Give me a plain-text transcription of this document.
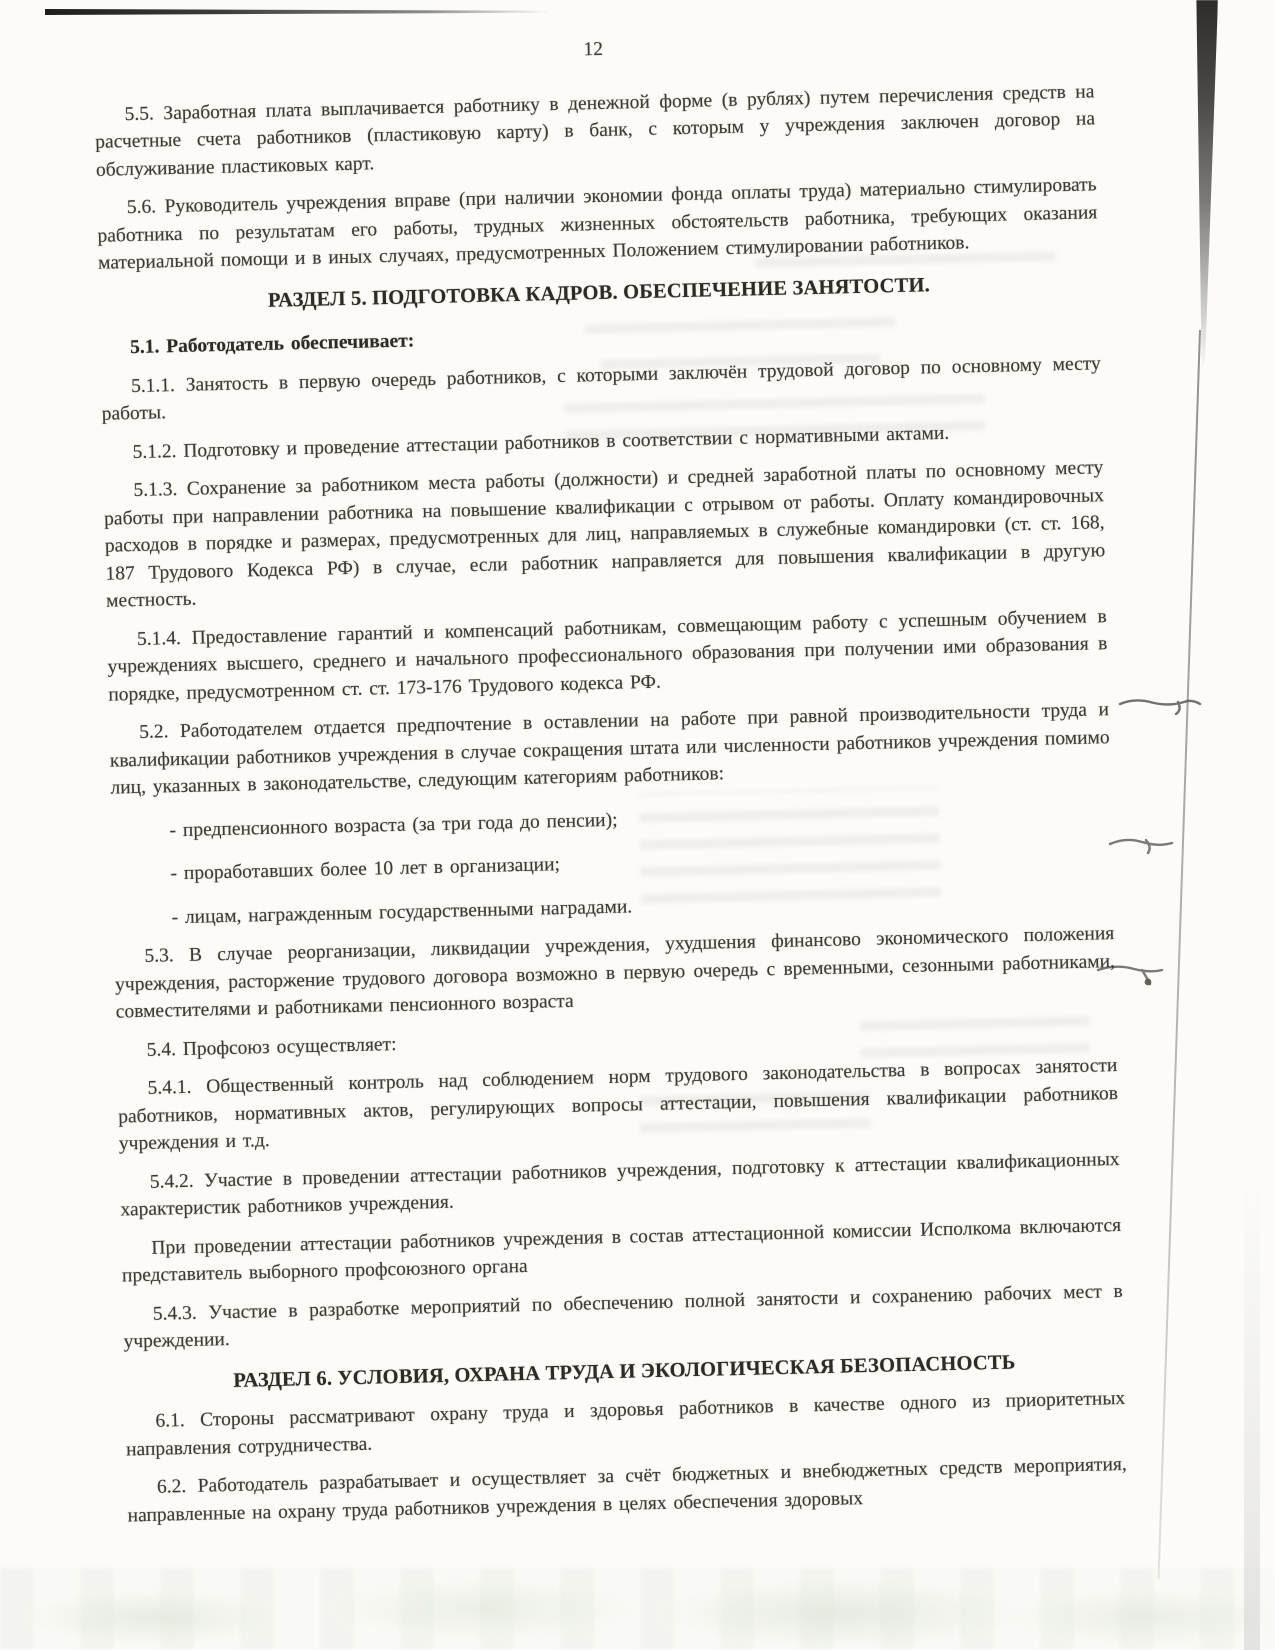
12

5.5. Заработная плата выплачивается работнику в денежной форме (в рублях) путем перечисления средств на расчетные счета работников (пластиковую карту) в банк, с которым у учреждения заключен договор на обслуживание пластиковых карт.

5.6. Руководитель учреждения вправе (при наличии экономии фонда оплаты труда) материально стимулировать работника по результатам его работы, трудных жизненных обстоятельств работника, требующих оказания материальной помощи и в иных случаях, предусмотренных Положением стимулировании работников.

РАЗДЕЛ 5. ПОДГОТОВКА КАДРОВ. ОБЕСПЕЧЕНИЕ ЗАНЯТОСТИ.

5.1. Работодатель обеспечивает:

5.1.1. Занятость в первую очередь работников, с которыми заключён трудовой договор по основному месту работы.

5.1.2. Подготовку и проведение аттестации работников в соответствии с нормативными актами.

5.1.3. Сохранение за работником места работы (должности) и средней заработной платы по основному месту работы при направлении работника на повышение квалификации с отрывом от работы. Оплату командировочных расходов в порядке и размерах, предусмотренных для лиц, направляемых в служебные командировки (ст. ст. 168, 187 Трудового Кодекса РФ) в случае, если работник направляется для повышения квалификации в другую местность.

5.1.4. Предоставление гарантий и компенсаций работникам, совмещающим работу с успешным обучением в учреждениях высшего, среднего и начального профессионального образования при получении ими образования в порядке, предусмотренном ст. ст. 173-176 Трудового кодекса РФ.

5.2. Работодателем отдается предпочтение в оставлении на работе при равной производительности труда и квалификации работников учреждения в случае сокращения штата или численности работников учреждения помимо лиц, указанных в законодательстве, следующим категориям работников:

- предпенсионного возраста (за три года до пенсии);

- проработавших более 10 лет в организации;

- лицам, награжденным государственными наградами.

5.3. В случае реорганизации, ликвидации учреждения, ухудшения финансово экономического положения учреждения, расторжение трудового договора возможно в первую очередь с временными, сезонными работниками, совместителями и работниками пенсионного возраста

5.4. Профсоюз осуществляет:

5.4.1. Общественный контроль над соблюдением норм трудового законодательства в вопросах занятости работников, нормативных актов, регулирующих вопросы аттестации, повышения квалификации работников учреждения и т.д.

5.4.2. Участие в проведении аттестации работников учреждения, подготовку к аттестации квалификационных характеристик работников учреждения.

При проведении аттестации работников учреждения в состав аттестационной комиссии Исполкома включаются представитель выборного профсоюзного органа

5.4.3. Участие в разработке мероприятий по обеспечению полной занятости и сохранению рабочих мест в учреждении.

РАЗДЕЛ 6. УСЛОВИЯ, ОХРАНА ТРУДА И ЭКОЛОГИЧЕСКАЯ БЕЗОПАСНОСТЬ

6.1. Стороны рассматривают охрану труда и здоровья работников в качестве одного из приоритетных направления сотрудничества.

6.2. Работодатель разрабатывает и осуществляет за счёт бюджетных и внебюджетных средств мероприятия, направленные на охрану труда работников учреждения в целях обеспечения здоровых
